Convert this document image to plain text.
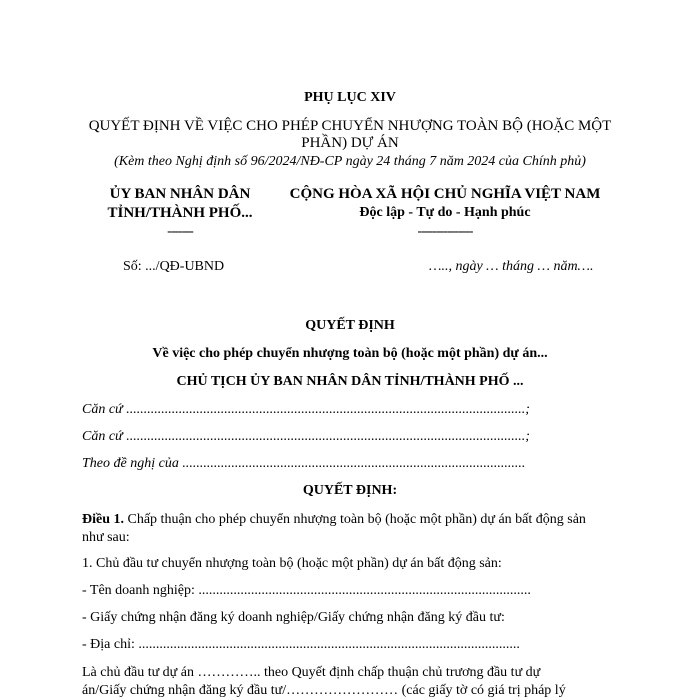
PHỤ LỤC XIV
QUYẾT ĐỊNH VỀ VIỆC CHO PHÉP CHUYỂN NHƯỢNG TOÀN BỘ (HOẶC MỘT
PHẦN) DỰ ÁN
(Kèm theo Nghị định số 96/2024/NĐ-CP ngày 24 tháng 7 năm 2024 của Chính phủ)
ỦY BAN NHÂN DÂN
TỈNH/THÀNH PHỐ...
-------
Số: .../QĐ-UBND
CỘNG HÒA XÃ HỘI CHỦ NGHĨA VIỆT NAM
Độc lập - Tự do - Hạnh phúc
---------------
….., ngày … tháng … năm….
QUYẾT ĐỊNH
Về việc cho phép chuyển nhượng toàn bộ (hoặc một phần) dự án...
CHỦ TỊCH ỦY BAN NHÂN DÂN TỈNH/THÀNH PHỐ ...
Căn cứ ..................................................................................................................;
Căn cứ ..................................................................................................................;
Theo đề nghị của ..................................................................................................
QUYẾT ĐỊNH:
Điều 1. Chấp thuận cho phép chuyển nhượng toàn bộ (hoặc một phần) dự án bất động sản
như sau:
1. Chủ đầu tư chuyển nhượng toàn bộ (hoặc một phần) dự án bất động sản:
- Tên doanh nghiệp: ...............................................................................................
- Giấy chứng nhận đăng ký doanh nghiệp/Giấy chứng nhận đăng ký đầu tư:
- Địa chỉ: .............................................................................................................
Là chủ đầu tư dự án ………….. theo Quyết định chấp thuận chủ trương đầu tư dự
án/Giấy chứng nhận đăng ký đầu tư/…………………… (các giấy tờ có giá trị pháp lý
